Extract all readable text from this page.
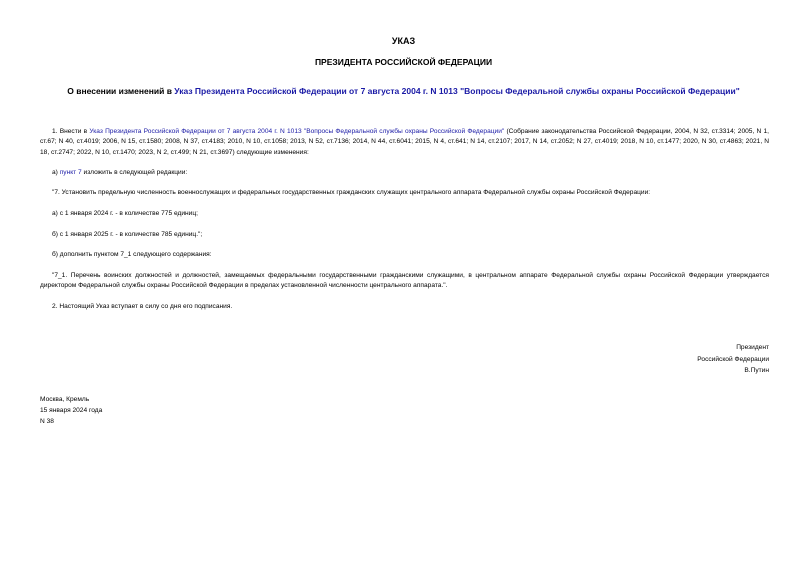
УКАЗ
ПРЕЗИДЕНТА РОССИЙСКОЙ ФЕДЕРАЦИИ
О внесении изменений в Указ Президента Российской Федерации от 7 августа 2004 г. N 1013 "Вопросы Федеральной службы охраны Российской Федерации"
1. Внести в Указ Президента Российской Федерации от 7 августа 2004 г. N 1013 "Вопросы Федеральной службы охраны Российской Федерации" (Собрание законодательства Российской Федерации, 2004, N 32, ст.3314; 2005, N 1, ст.67; N 40, ст.4019; 2006, N 15, ст.1580; 2008, N 37, ст.4183; 2010, N 10, ст.1058; 2013, N 52, ст.7136; 2014, N 44, ст.6041; 2015, N 4, ст.641; N 14, ст.2107; 2017, N 14, ст.2052; N 27, ст.4019; 2018, N 10, ст.1477; 2020, N 30, ст.4863; 2021, N 18, ст.2747; 2022, N 10, ст.1470; 2023, N 2, ст.499; N 21, ст.3697) следующие изменения:
а) пункт 7 изложить в следующей редакции:
"7. Установить предельную численность военнослужащих и федеральных государственных гражданских служащих центрального аппарата Федеральной службы охраны Российской Федерации:
а) с 1 января 2024 г. - в количестве 775 единиц;
б) с 1 января 2025 г. - в количестве 785 единиц.";
б) дополнить пунктом 7_1 следующего содержания:
"7_1. Перечень воинских должностей и должностей, замещаемых федеральными государственными гражданскими служащими, в центральном аппарате Федеральной службы охраны Российской Федерации утверждается директором Федеральной службы охраны Российской Федерации в пределах установленной численности центрального аппарата.".
2. Настоящий Указ вступает в силу со дня его подписания.
Президент
Российской Федерации
В.Путин
Москва, Кремль
15 января 2024 года
N 38
